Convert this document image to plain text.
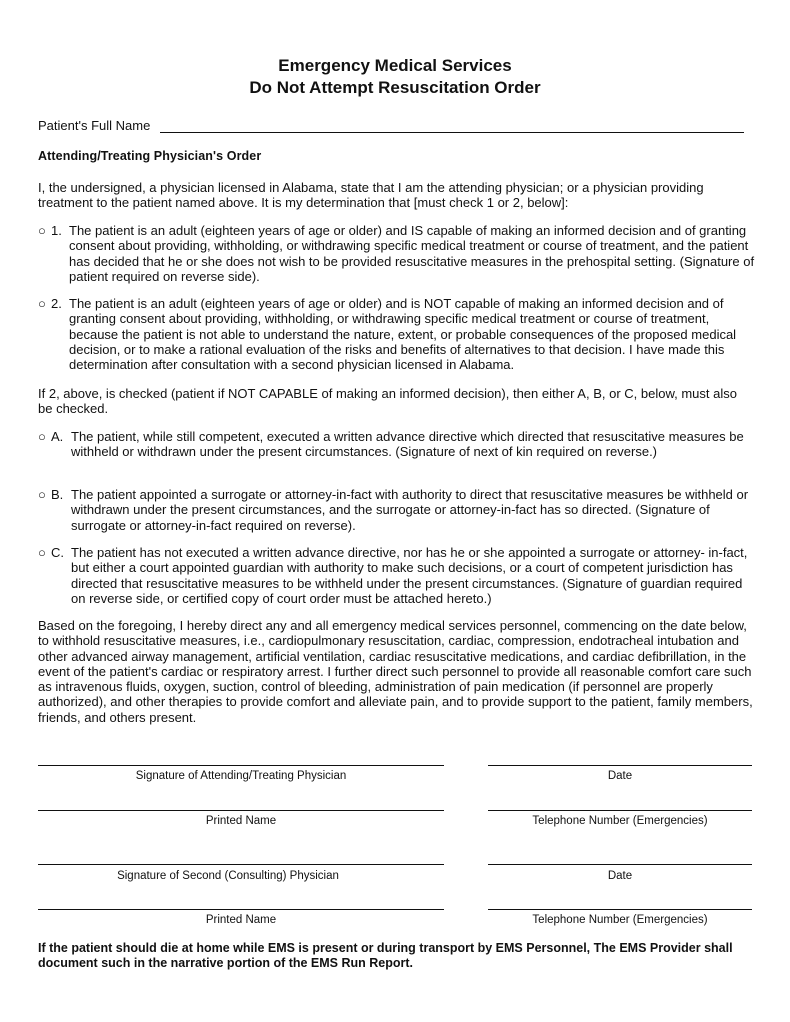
Emergency Medical Services
Do Not Attempt Resuscitation Order
Patient's Full Name
Attending/Treating Physician's Order
I, the undersigned, a physician licensed in Alabama, state that I am the attending physician; or a physician providing treatment to the patient named above. It is my determination that [must check 1 or 2, below]:
○ 1. The patient is an adult (eighteen years of age or older) and IS capable of making an informed decision and of granting consent about providing, withholding, or withdrawing specific medical treatment or course of treatment, and the patient has decided that he or she does not wish to be provided resuscitative measures in the prehospital setting. (Signature of patient required on reverse side).
○ 2. The patient is an adult (eighteen years of age or older) and is NOT capable of making an informed decision and of granting consent about providing, withholding, or withdrawing specific medical treatment or course of treatment, because the patient is not able to understand the nature, extent, or probable consequences of the proposed medical decision, or to make a rational evaluation of the risks and benefits of alternatives to that decision. I have made this determination after consultation with a second physician licensed in Alabama.
If 2, above, is checked (patient if NOT CAPABLE of making an informed decision), then either A, B, or C, below, must also be checked.
○ A. The patient, while still competent, executed a written advance directive which directed that resuscitative measures be withheld or withdrawn under the present circumstances. (Signature of next of kin required on reverse.)
○ B. The patient appointed a surrogate or attorney-in-fact with authority to direct that resuscitative measures be withheld or withdrawn under the present circumstances, and the surrogate or attorney-in-fact has so directed. (Signature of surrogate or attorney-in-fact required on reverse).
○ C. The patient has not executed a written advance directive, nor has he or she appointed a surrogate or attorney- in-fact, but either a court appointed guardian with authority to make such decisions, or a court of competent jurisdiction has directed that resuscitative measures to be withheld under the present circumstances. (Signature of guardian required on reverse side, or certified copy of court order must be attached hereto.)
Based on the foregoing, I hereby direct any and all emergency medical services personnel, commencing on the date below, to withhold resuscitative measures, i.e., cardiopulmonary resuscitation, cardiac, compression, endotracheal intubation and other advanced airway management, artificial ventilation, cardiac resuscitative medications, and cardiac defibrillation, in the event of the patient's cardiac or respiratory arrest. I further direct such personnel to provide all reasonable comfort care such as intravenous fluids, oxygen, suction, control of bleeding, administration of pain medication (if personnel are properly authorized), and other therapies to provide comfort and alleviate pain, and to provide support to the patient, family members, friends, and others present.
Signature of Attending/Treating Physician	Date
Printed Name	Telephone Number (Emergencies)
Signature of Second (Consulting) Physician	Date
Printed Name	Telephone Number (Emergencies)
If the patient should die at home while EMS is present or during transport by EMS Personnel, The EMS Provider shall document such in the narrative portion of the EMS Run Report.
